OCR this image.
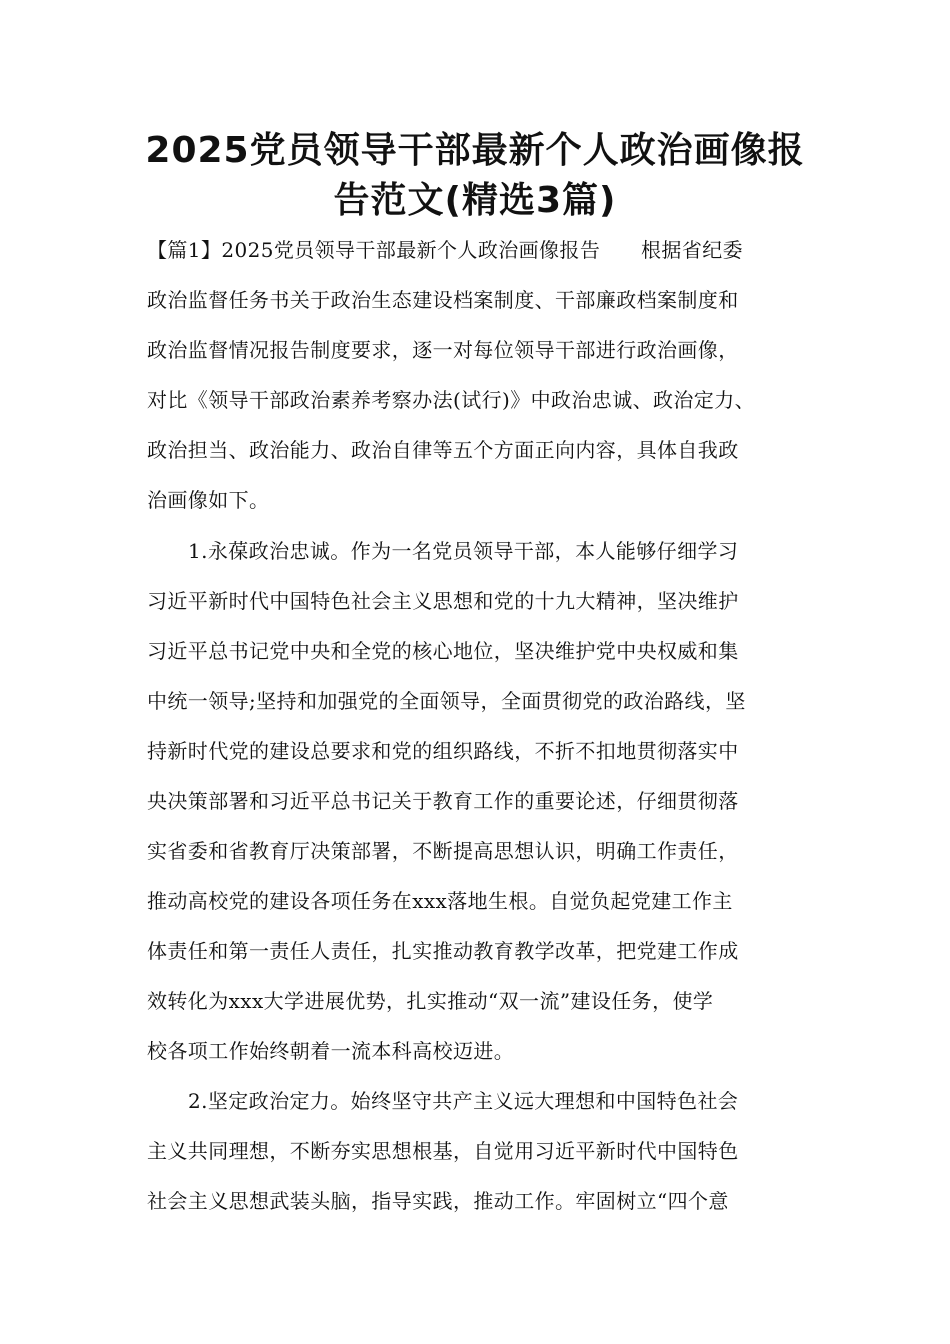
2025党员领导干部最新个人政治画像报
告范文(精选3篇)
【篇1】2025党员领导干部最新个人政治画像报告　　根据省纪委
政治监督任务书关于政治生态建设档案制度、干部廉政档案制度和
政治监督情况报告制度要求，逐一对每位领导干部进行政治画像，
对比《领导干部政治素养考察办法(试行)》中政治忠诚、政治定力、
政治担当、政治能力、政治自律等五个方面正向内容，具体自我政
治画像如下。
1.永葆政治忠诚。作为一名党员领导干部，本人能够仔细学习
习近平新时代中国特色社会主义思想和党的十九大精神，坚决维护
习近平总书记党中央和全党的核心地位，坚决维护党中央权威和集
中统一领导;坚持和加强党的全面领导，全面贯彻党的政治路线，坚
持新时代党的建设总要求和党的组织路线，不折不扣地贯彻落实中
央决策部署和习近平总书记关于教育工作的重要论述，仔细贯彻落
实省委和省教育厅决策部署，不断提高思想认识，明确工作责任，
推动高校党的建设各项任务在xxx落地生根。自觉负起党建工作主
体责任和第一责任人责任，扎实推动教育教学改革，把党建工作成
效转化为xxx大学进展优势，扎实推动“双一流”建设任务，使学
校各项工作始终朝着一流本科高校迈进。
2.坚定政治定力。始终坚守共产主义远大理想和中国特色社会
主义共同理想，不断夯实思想根基，自觉用习近平新时代中国特色
社会主义思想武装头脑，指导实践，推动工作。牢固树立“四个意
